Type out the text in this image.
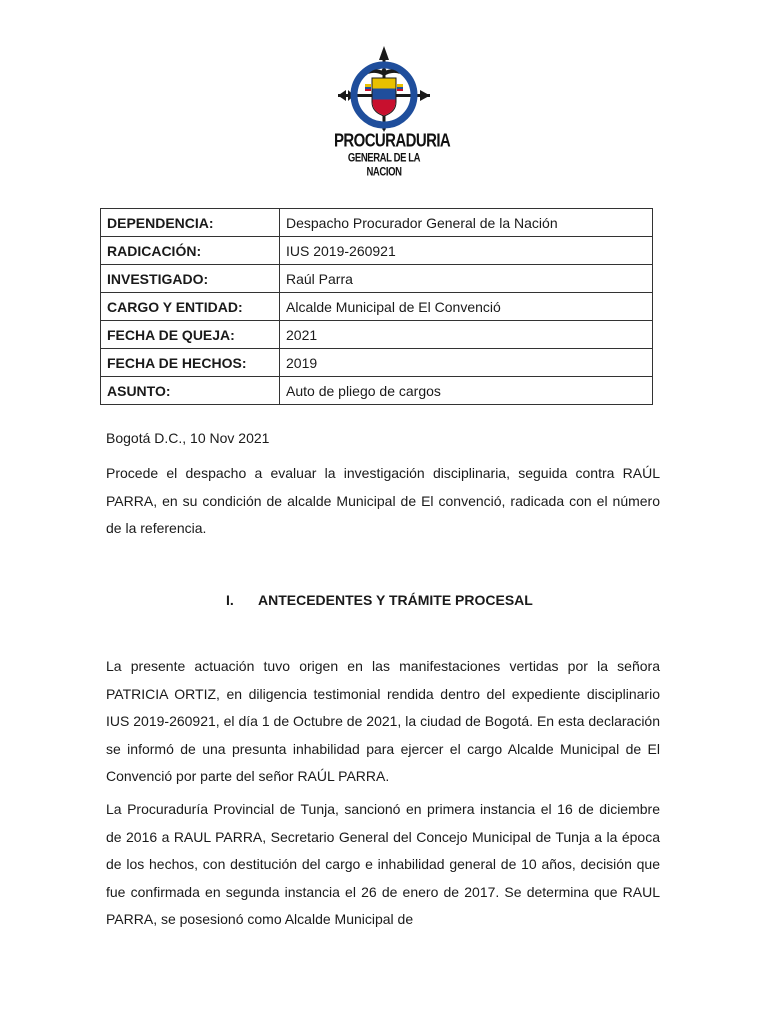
PROCURADURIA
GENERAL DE LA NACION
DEPENDENCIA:	Despacho Procurador General de la Nación
RADICACIÓN:	IUS 2019-260921
INVESTIGADO:	Raúl Parra
CARGO Y ENTIDAD:	Alcalde Municipal de El Convenció
FECHA DE QUEJA:	2021
FECHA DE HECHOS:	2019
ASUNTO:	Auto de pliego de cargos

Bogotá D.C., 10 Nov 2021

Procede el despacho a evaluar la investigación disciplinaria, seguida contra RAÚL PARRA, en su condición de alcalde Municipal de El convenció, radicada con el número de la referencia.

I. ANTECEDENTES Y TRÁMITE PROCESAL

La presente actuación tuvo origen en las manifestaciones vertidas por la señora PATRICIA ORTIZ, en diligencia testimonial rendida dentro del expediente disciplinario IUS 2019-260921, el día 1 de Octubre de 2021, la ciudad de Bogotá. En esta declaración se informó de una presunta inhabilidad para ejercer el cargo Alcalde Municipal de El Convenció por parte del señor RAÚL PARRA.

La Procuraduría Provincial de Tunja, sancionó en primera instancia el 16 de diciembre de 2016 a RAUL PARRA, Secretario General del Concejo Municipal de Tunja a la época de los hechos, con destitución del cargo e inhabilidad general de 10 años, decisión que fue confirmada en segunda instancia el 26 de enero de 2017. Se determina que RAUL PARRA, se posesionó como Alcalde Municipal de
